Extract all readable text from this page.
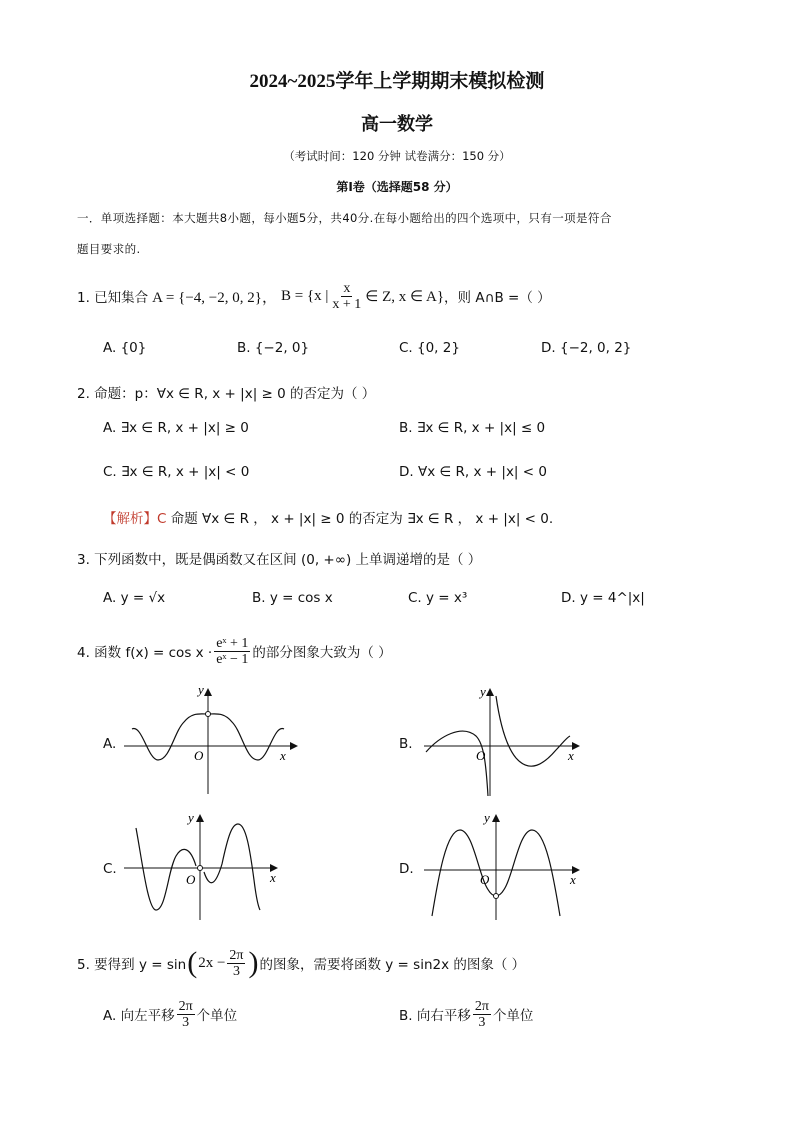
2024~2025学年上学期期末模拟检测
高一数学
（考试时间：120 分钟 试卷满分：150 分）
第I卷（选择题58 分）
一．单项选择题：本大题共8小题，每小题5分，共40分.在每小题给出的四个选项中，只有一项是符合
题目要求的.
1. 已知集合 A = {−4, −2, 0, 2}， B = {x | $\frac{x}{x + 1}$ ∈ Z, x ∈ A} ，则 A∩B =（ ）
A. {0}	B. {−2, 0}	C. {0, 2}	D. {−2, 0, 2}
2. 命题：p：∀x ∈ R, x + |x| ≥ 0 的否定为（ ）
A. ∃x ∈ R, x + |x| ≥ 0	B. ∃x ∈ R, x + |x| ≤ 0
C. ∃x ∈ R, x + |x| < 0	D. ∀x ∈ R, x + |x| < 0
【解析】C 命题 ∀x ∈ R ， x + |x| ≥ 0 的否定为 ∃x ∈ R ， x + |x| < 0.
3. 下列函数中，既是偶函数又在区间 (0, +∞) 上单调递增的是（ ）
A. y = √x	B. y = cos x	C. y = x³	D. y = 4^|x|
4. 函数 $f(x) = \cos x \cdot \frac{\text{eˣ + 1}}{\text{eˣ − 1}}$ 的部分图象大致为（ ）
A.	B.
C.	D.
x
y
O	x
y
O
x
y
O	x
y
O
5. 要得到 y = sin ( $2x - \frac{2\pi}{3}$ ) 的图象，需要将函数 y = sin2x 的图象（ ）
A. 向左平移 $\frac{2\pi}{3}$ 个单位	B. 向右平移 $\frac{2\pi}{3}$ 个单位
